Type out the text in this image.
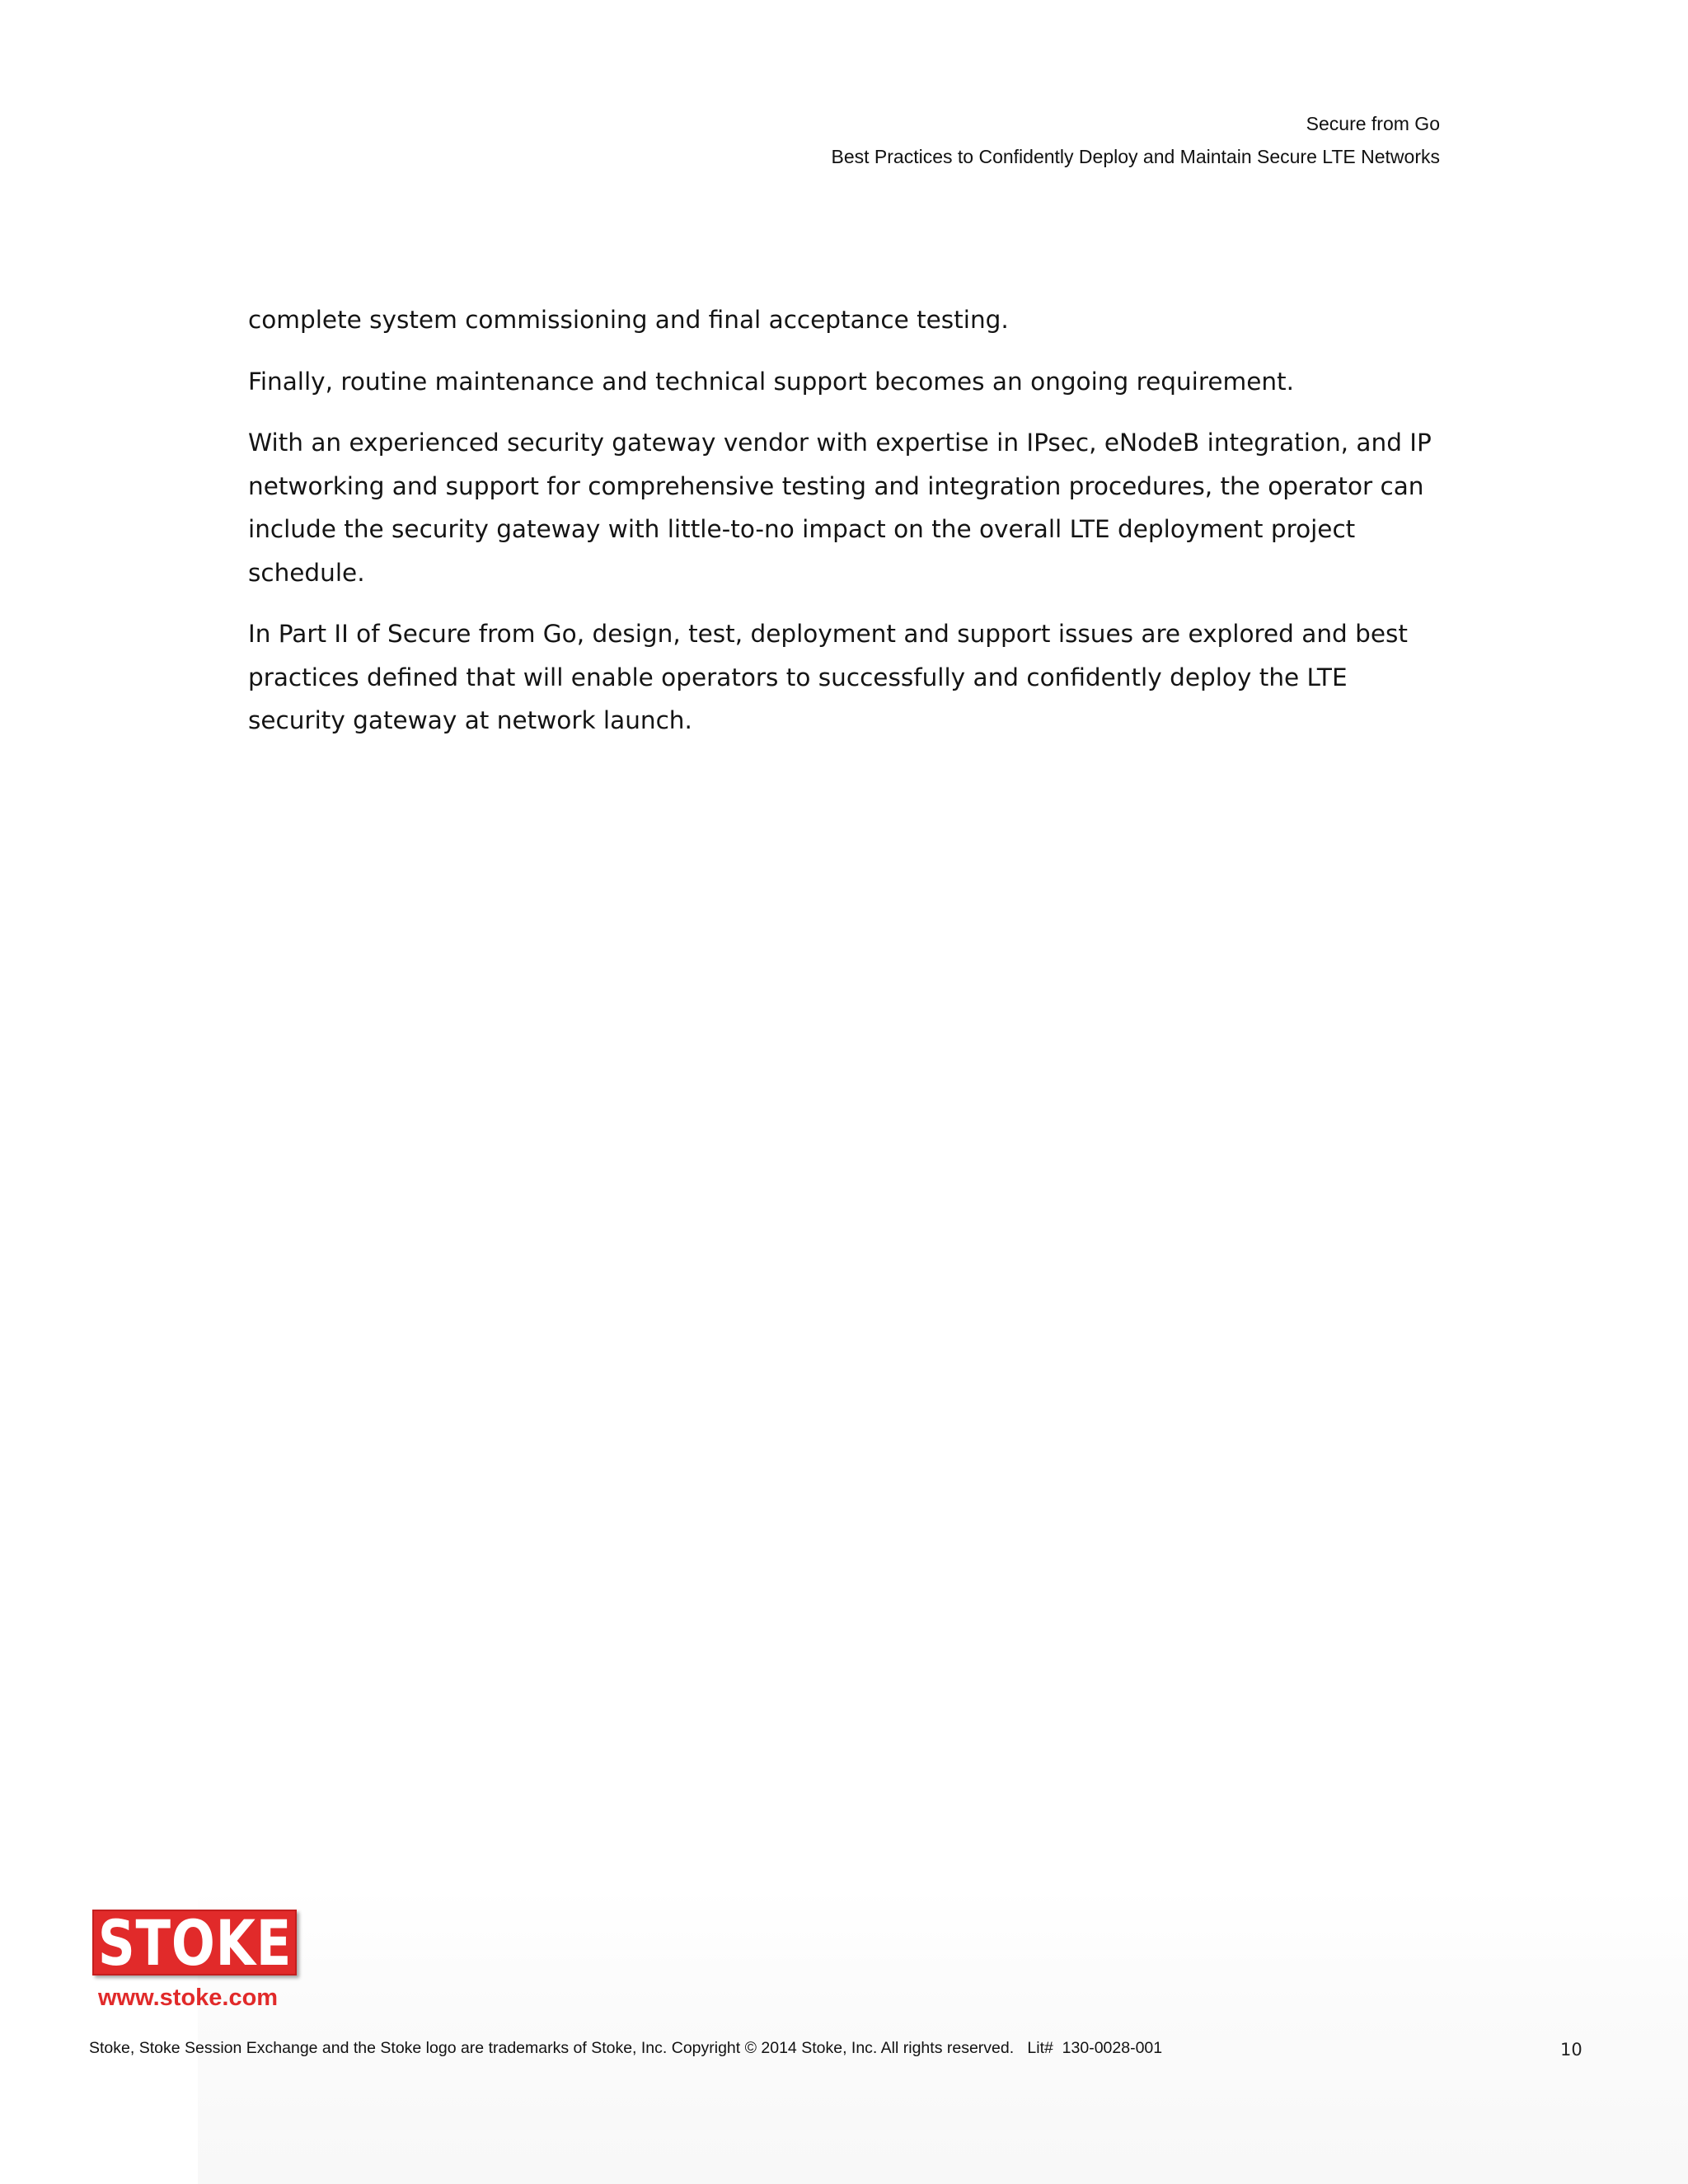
Secure from Go
Best Practices to Confidently Deploy and Maintain Secure LTE Networks

complete system commissioning and final acceptance testing.

Finally, routine maintenance and technical support becomes an ongoing requirement.

With an experienced security gateway vendor with expertise in IPsec, eNodeB integration, and IP networking and support for comprehensive testing and integration procedures, the operator can include the security gateway with little-to-no impact on the overall LTE deployment project schedule.

In Part II of Secure from Go, design, test, deployment and support issues are explored and best practices defined that will enable operators to successfully and confidently deploy the LTE security gateway at network launch.

STOKE
www.stoke.com
Stoke, Stoke Session Exchange and the Stoke logo are trademarks of Stoke, Inc. Copyright © 2014 Stoke, Inc. All rights reserved.   Lit#  130-0028-001	10
